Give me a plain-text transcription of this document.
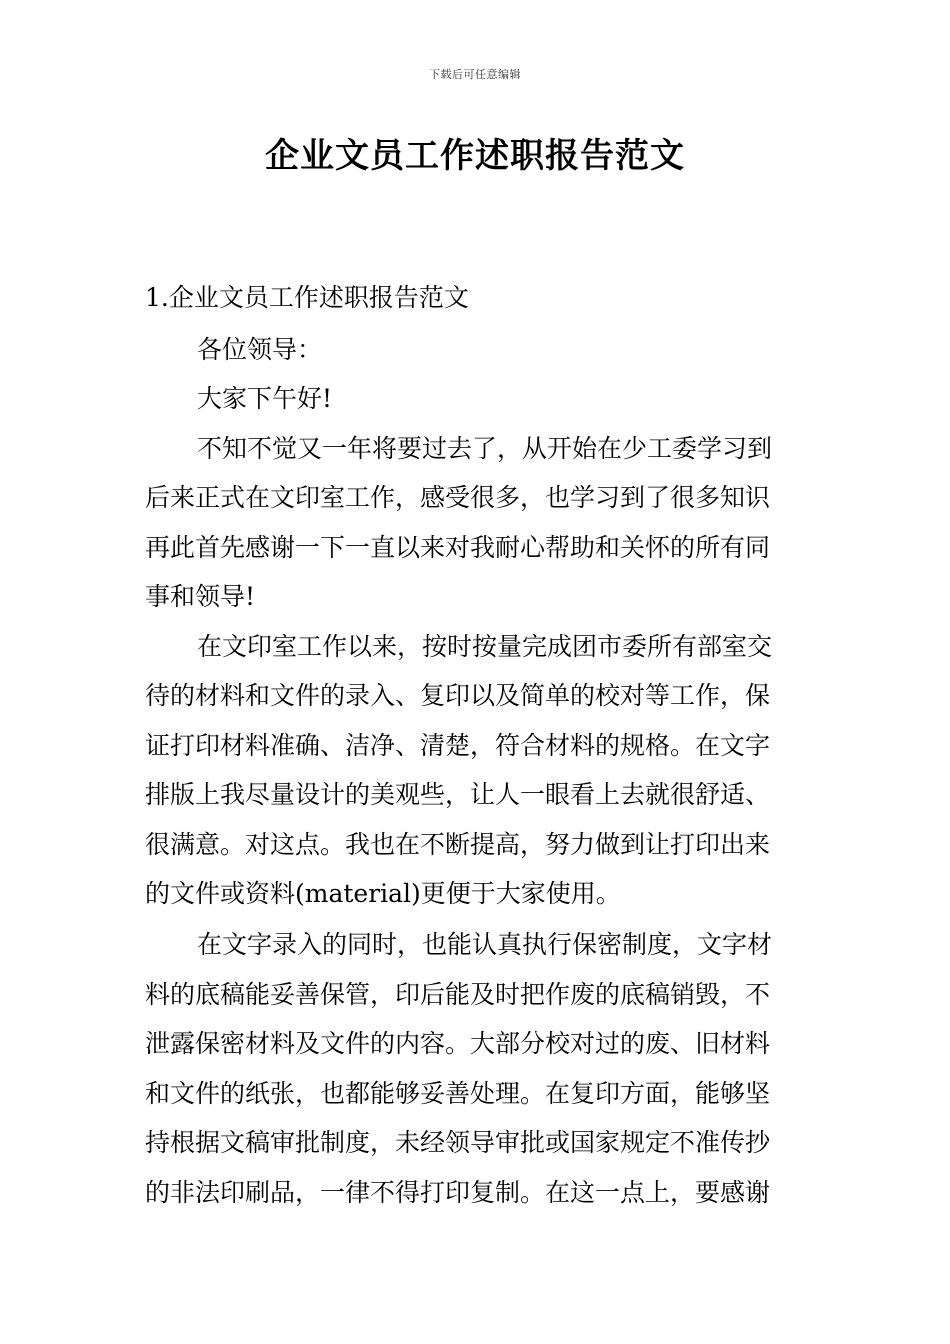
下载后可任意编辑
企业文员工作述职报告范文
1.企业文员工作述职报告范文
各位领导：
大家下午好!
不知不觉又一年将要过去了，从开始在少工委学习到
后来正式在文印室工作，感受很多，也学习到了很多知识
再此首先感谢一下一直以来对我耐心帮助和关怀的所有同
事和领导!
在文印室工作以来，按时按量完成团市委所有部室交
待的材料和文件的录入、复印以及简单的校对等工作，保
证打印材料准确、洁净、清楚，符合材料的规格。在文字
排版上我尽量设计的美观些，让人一眼看上去就很舒适、
很满意。对这点。我也在不断提高，努力做到让打印出来
的文件或资料(material)更便于大家使用。
在文字录入的同时，也能认真执行保密制度，文字材
料的底稿能妥善保管，印后能及时把作废的底稿销毁，不
泄露保密材料及文件的内容。大部分校对过的废、旧材料
和文件的纸张，也都能够妥善处理。在复印方面，能够坚
持根据文稿审批制度，未经领导审批或国家规定不准传抄
的非法印刷品，一律不得打印复制。在这一点上，要感谢
